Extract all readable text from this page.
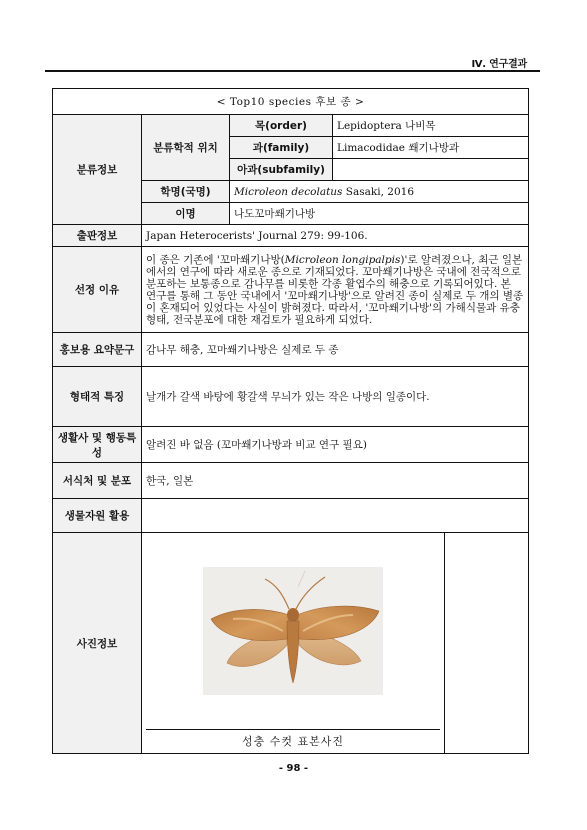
Ⅳ. 연구결과
< Top10 species 후보 종 >				
분류정보	분류학적 위치	목(order)	Lepidoptera 나비목	
		과(family)	Limacodidae 쐐기나방과	
		아과(subfamily)		
	학명(국명)	Microleon decolatus Sasaki, 2016		
	이명	나도꼬마쐐기나방		
출판정보	Japan Heterocerists' Journal 279: 99-106.			
선정 이유	이 종은 기존에 '꼬마쐐기나방(Microleon longipalpis)'로 알려졌으나, 최근 일본에서의 연구에 따라 새로운 종으로 기재되었다. 꼬마쐐기나방은 국내에 전국적으로 분포하는 보통종으로 감나무를 비롯한 각종 활엽수의 해충으로 기록되어있다. 본 연구를 통해 그 동안 국내에서 '꼬마쐐기나방'으로 알려진 종이 실제로 두 개의 별종이 혼재되어 있었다는 사실이 밝혀졌다. 따라서, '꼬마쐐기나방'의 가해식물과 유충 형태, 전국분포에 대한 재검토가 필요하게 되었다.			
홍보용 요약문구	감나무 해충, 꼬마쐐기나방은 실제로 두 종			
형태적 특징	날개가 갈색 바탕에 황갈색 무늬가 있는 작은 나방의 일종이다.			
생활사 및 행동특성	알려진 바 없음 (꼬마쐐기나방과 비교 연구 필요)			
서식처 및 분포	한국, 일본			
생물자원 활용				
사진정보	성충 수컷 표본사진			

- 98 -
